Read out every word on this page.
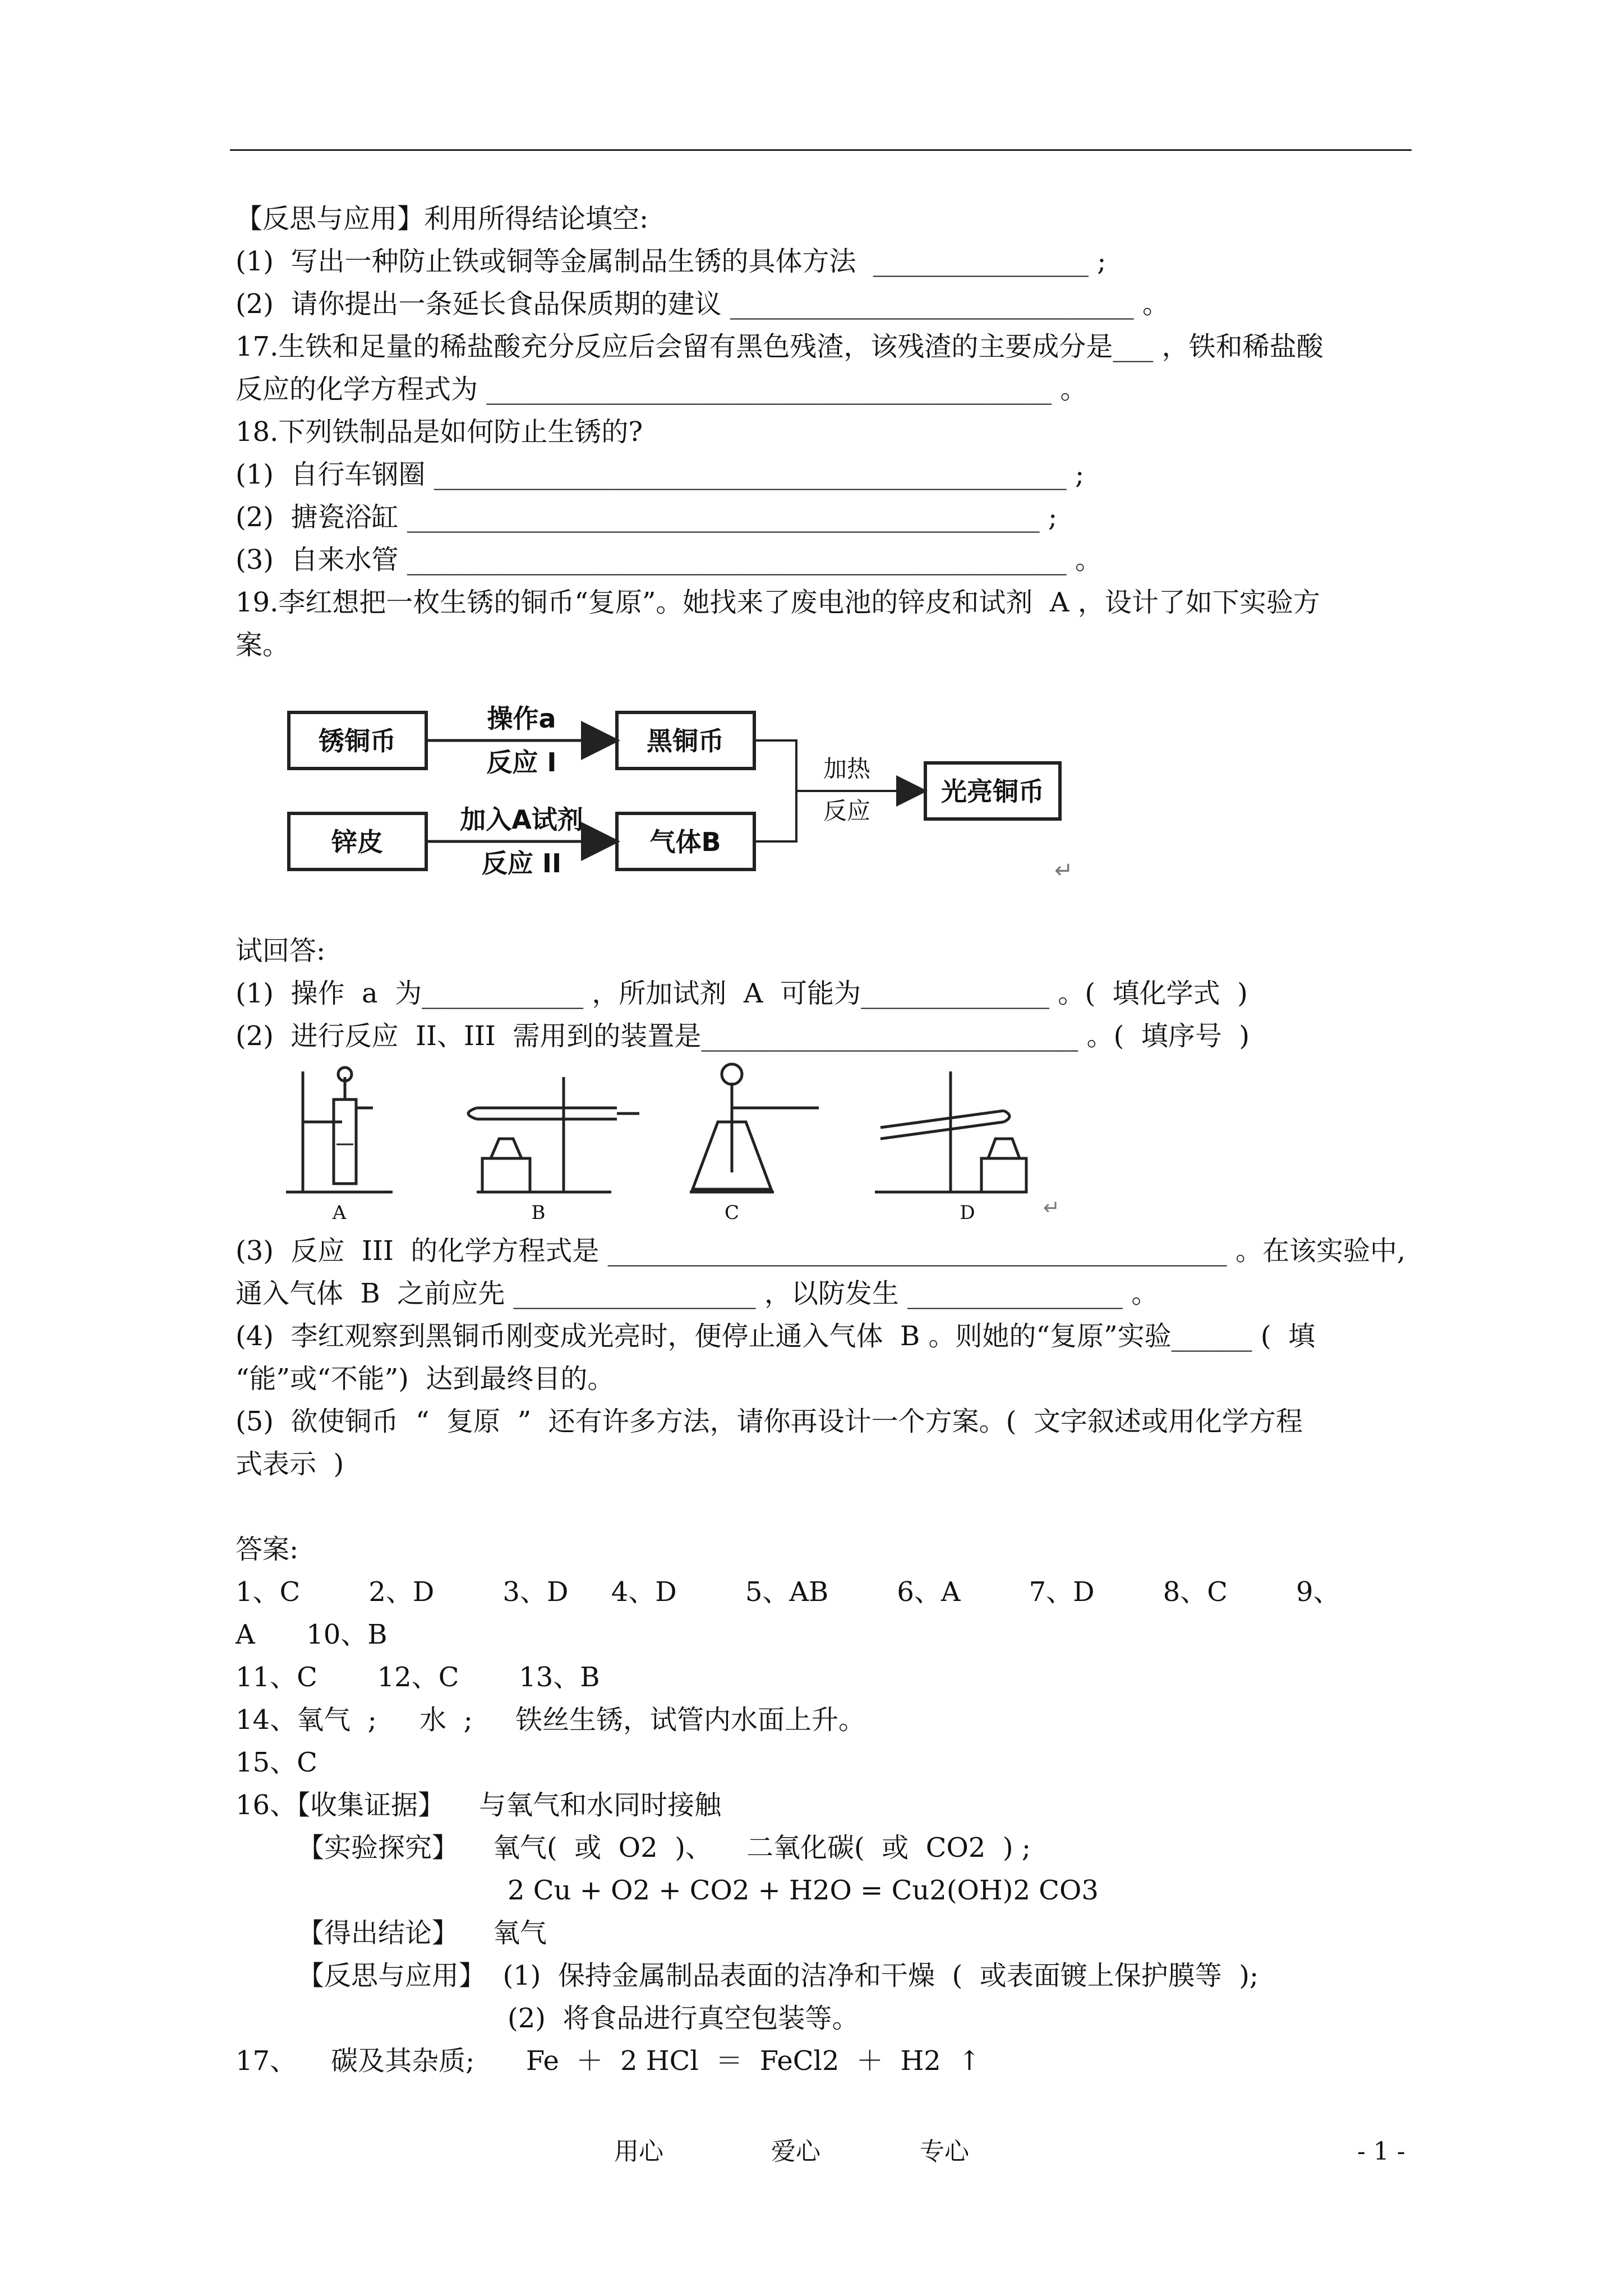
【反思与应用】利用所得结论填空:
(1)  写出一种防止铁或铜等金属制品生锈的具体方法  ________________ ;
(2)  请你提出一条延长食品保质期的建议 ______________________________ 。
17.生铁和足量的稀盐酸充分反应后会留有黑色残渣，该残渣的主要成分是___ ，铁和稀盐酸
反应的化学方程式为 __________________________________________ 。
18.下列铁制品是如何防止生锈的?
(1)  自行车钢圈 _______________________________________________ ;
(2)  搪瓷浴缸 _______________________________________________ ;
(3)  自来水管 _________________________________________________ 。
19.李红想把一枚生锈的铜币“复原”。她找来了废电池的锌皮和试剂  A ，设计了如下实验方
案。
锈铜币	黑铜币
锌皮	气体B
光亮铜币
操作a
反应 I
加入A试剂
反应 II
加热
反应
↵
试回答:
(1)  操作  a  为____________ ，所加试剂  A  可能为______________ 。(  填化学式  )
(2)  进行反应  II、III  需用到的装置是____________________________ 。(  填序号  )
A	B	C	D	↵
(3)  反应  III  的化学方程式是 ______________________________________________ 。在该实验中,
通入气体  B  之前应先 __________________ ，以防发生 ________________ 。
(4)  李红观察到黑铜币刚变成光亮时，便停止通入气体  B 。则她的“复原”实验______ (  填
“能”或“不能”)  达到最终目的。
(5)  欲使铜币  “  复原  ”  还有许多方法，请你再设计一个方案。(  文字叙述或用化学方程
式表示  )
答案:
1、C        2、D        3、D     4、D        5、AB        6、A        7、D        8、C        9、
A      10、B
11、C       12、C       13、B
14、氧气  ;     水  ;     铁丝生锈，试管内水面上升。
15、C
16、【收集证据】    与氧气和水同时接触
【实验探究】    氧气(  或  O2  )、    二氧化碳(  或  CO2  ) ;
2 Cu + O2 + CO2 + H2O = Cu2(OH)2 CO3
【得出结论】    氧气
【反思与应用】  (1)  保持金属制品表面的洁净和干燥  (  或表面镀上保护膜等  );
(2)  将食品进行真空包装等。
17、    碳及其杂质;      Fe  ＋  2 HCl  ＝  FeCl2  ＋  H2  ↑
用心	爱心	专心	- 1 -
